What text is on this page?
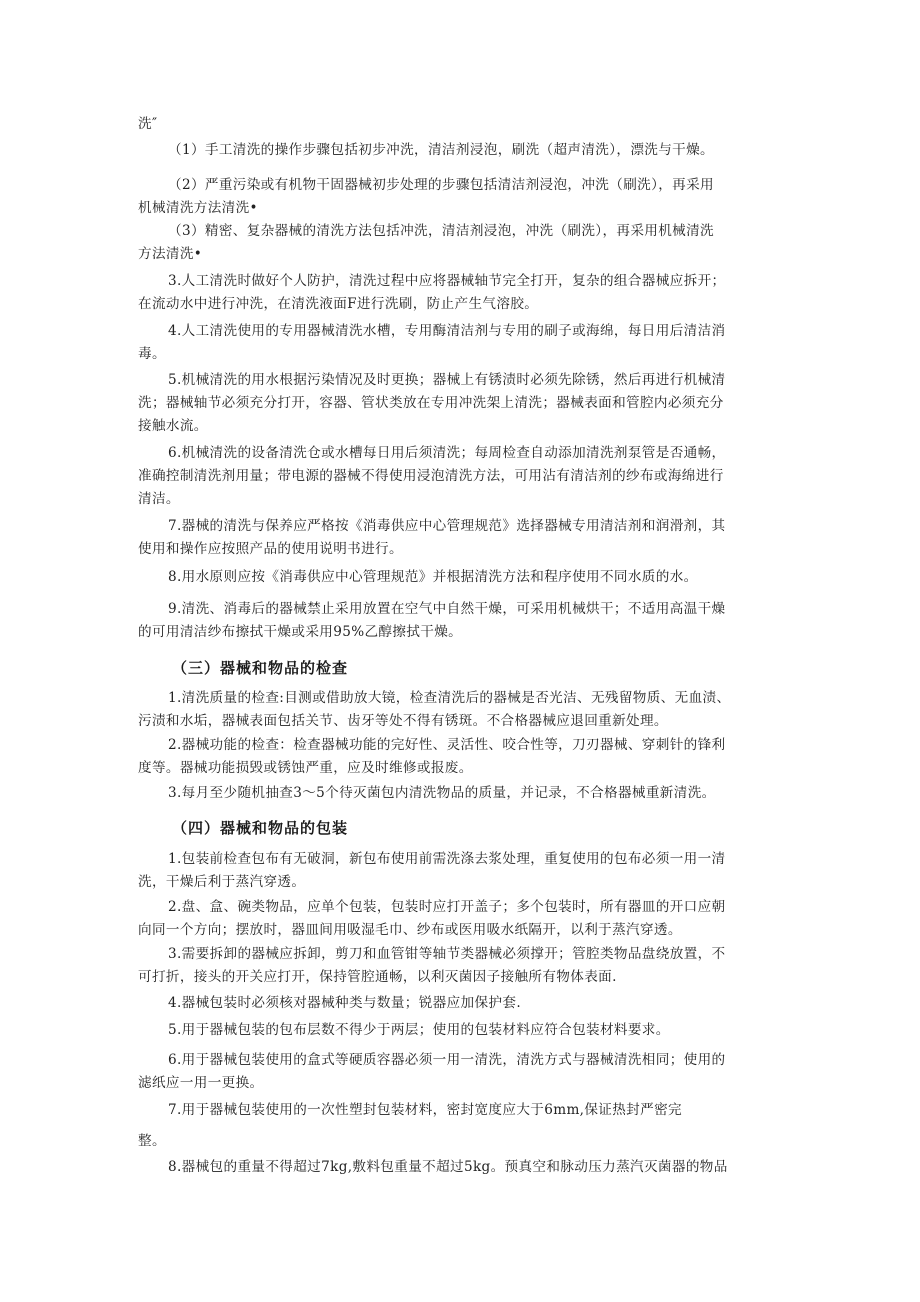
洗″
（1）手工清洗的操作步骤包括初步冲洗，清洁剂浸泡，刷洗（超声清洗），漂洗与干燥。
（2）严重污染或有机物干固器械初步处理的步骤包括清洁剂浸泡，冲洗（刷洗），再采用
机械清洗方法清洗•
（3）精密、复杂器械的清洗方法包括冲洗，清洁剂浸泡，冲洗（刷洗），再采用机械清洗
方法清洗•
3.人工清洗时做好个人防护，清洗过程中应将器械轴节完全打开，复杂的组合器械应拆开；
在流动水中进行冲洗，在清洗液面F进行洗刷，防止产生气溶胶。
4.人工清洗使用的专用器械清洗水槽，专用酶清洁剂与专用的刷子或海绵，每日用后清洁消
毒。
5.机械清洗的用水根据污染情况及时更换；器械上有锈渍时必须先除锈，然后再进行机械清
洗；器械轴节必须充分打开，容器、管状类放在专用冲洗架上清洗；器械表面和管腔内必须充分
接触水流。
6.机械清洗的设备清洗仓或水槽每日用后须清洗；每周检查自动添加清洗剂泵管是否通畅，
准确控制清洗剂用量；带电源的器械不得使用浸泡清洗方法，可用沾有清洁剂的纱布或海绵进行
清洁。
7.器械的清洗与保养应严格按《消毒供应中心管理规范》选择器械专用清洁剂和润滑剂，其
使用和操作应按照产品的使用说明书进行。
8.用水原则应按《消毒供应中心管理规范》并根据清洗方法和程序使用不同水质的水。
9.清洗、消毒后的器械禁止采用放置在空气中自然干燥，可采用机械烘干；不适用高温干燥
的可用清洁纱布擦拭干燥或采用95%乙醇擦拭干燥。
（三）器械和物品的检查
1.清洗质量的检查:目测或借助放大镜，检查清洗后的器械是否光洁、无残留物质、无血渍、
污渍和水垢，器械表面包括关节、齿牙等处不得有锈斑。不合格器械应退回重新处理。
2.器械功能的检查：检查器械功能的完好性、灵活性、咬合性等，刀刃器械、穿刺针的锋利
度等。器械功能损毁或锈蚀严重，应及时维修或报废。
3.每月至少随机抽查3～5个待灭菌包内清洗物品的质量，并记录，不合格器械重新清洗。
（四）器械和物品的包装
1.包装前检查包布有无破洞，新包布使用前需洗涤去浆处理，重复使用的包布必须一用一清
洗，干燥后利于蒸汽穿透。
2.盘、盒、碗类物品，应单个包装，包装时应打开盖子；多个包装时，所有器皿的开口应朝
向同一个方向；摆放时，器皿间用吸湿毛巾、纱布或医用吸水纸隔开，以利于蒸汽穿透。
3.需要拆卸的器械应拆卸，剪刀和血管钳等轴节类器械必须撑开；管腔类物品盘绕放置，不
可打折，接头的开关应打开，保持管腔通畅，以利灭菌因子接触所有物体表面.
4.器械包装时必须核对器械种类与数量；锐器应加保护套.
5.用于器械包装的包布层数不得少于两层；使用的包装材料应符合包装材料要求。
6.用于器械包装使用的盒式等硬质容器必须一用一清洗，清洗方式与器械清洗相同；使用的
滤纸应一用一更换。
7.用于器械包装使用的一次性塑封包装材料，密封宽度应大于6mm,保证热封严密完
整。
8.器械包的重量不得超过7kg,敷料包重量不超过5kg。预真空和脉动压力蒸汽灭菌器的物品
